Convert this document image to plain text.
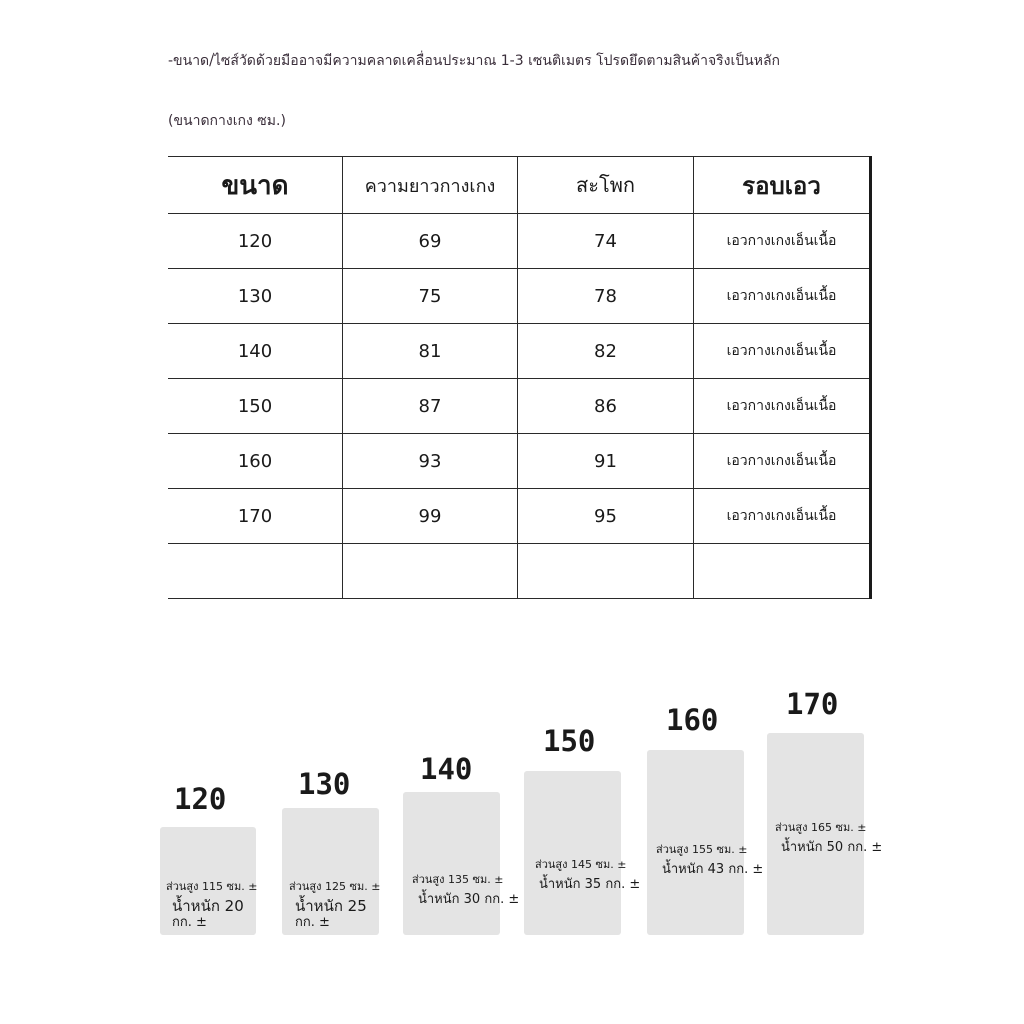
-ขนาด/ไซส์วัดด้วยมืออาจมีความคลาดเคลื่อนประมาณ 1-3 เซนติเมตร โปรดยึดตามสินค้าจริงเป็นหลัก
(ขนาดกางเกง ซม.)
ขนาด	ความยาวกางเกง	สะโพก	รอบเอว
120	69	74	เอวกางเกงเอ็นเนื้อ
130	75	78	เอวกางเกงเอ็นเนื้อ
140	81	82	เอวกางเกงเอ็นเนื้อ
150	87	86	เอวกางเกงเอ็นเนื้อ
160	93	91	เอวกางเกงเอ็นเนื้อ
170	99	95	เอวกางเกงเอ็นเนื้อ

120
ส่วนสูง 115 ซม. ±
น้ำหนัก 20
กก. ±
130
ส่วนสูง 125 ซม. ±
น้ำหนัก 25
กก. ±
140
ส่วนสูง 135 ซม. ±
น้ำหนัก 30 กก. ±
150
ส่วนสูง 145 ซม. ±
น้ำหนัก 35 กก. ±
160
ส่วนสูง 155 ซม. ±
น้ำหนัก 43 กก. ±
170
ส่วนสูง 165 ซม. ±
น้ำหนัก 50 กก. ±
